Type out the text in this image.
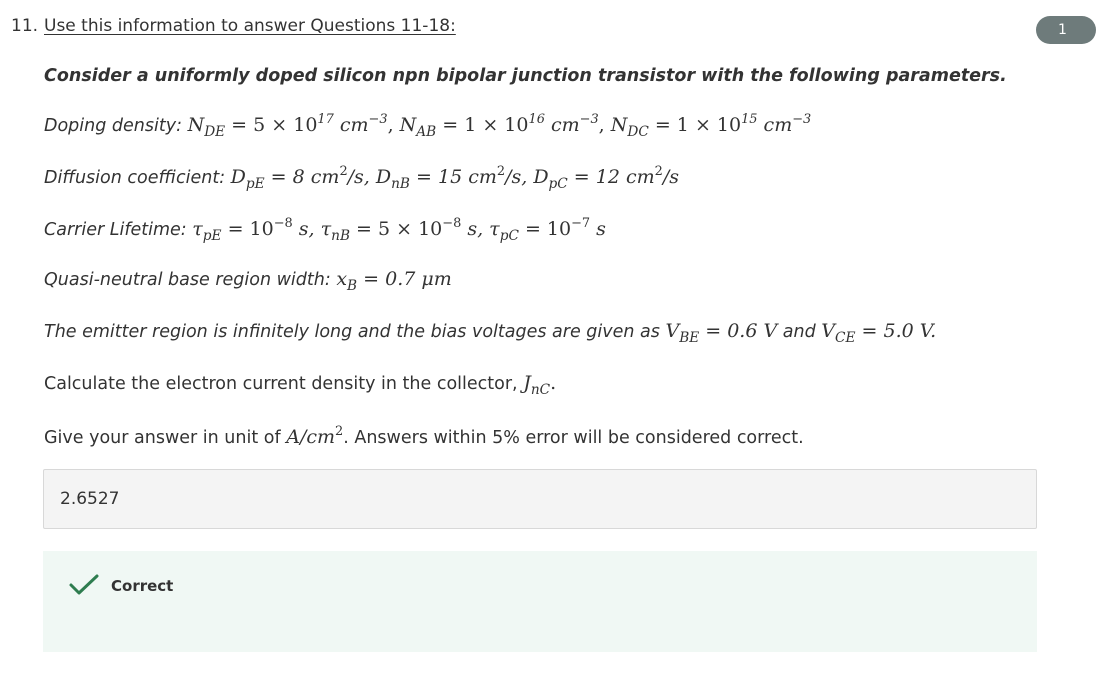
11. Use this information to answer Questions 11-18:	1
Consider a uniformly doped silicon npn bipolar junction transistor with the following parameters.
Doping density: $N_{DE} = 5 \times 10^{17}$ $cm^{-3}$, $N_{AB} = 1 \times 10^{16}$ $cm^{-3}$, $N_{DC} = 1 \times 10^{15}$ $cm^{-3}$
Diffusion coefficient: $D_{pE} = 8$ $cm^2/s$, $D_{nB} = 15$ $cm^2/s$, $D_{pC} = 12$ $cm^2/s$
Carrier Lifetime: $\tau_{pE} = 10^{-8}$ s, $\tau_{nB} = 5 \times 10^{-8}$ s, $\tau_{pC} = 10^{-7}$ s
Quasi-neutral base region width: $x_B = 0.7$ μm
The emitter region is infinitely long and the bias voltages are given as $V_{BE} = 0.6$ V and $V_{CE} = 5.0$ V.
Calculate the electron current density in the collector, $J_{nC}$.
Give your answer in unit of $A/cm^2$. Answers within 5% error will be considered correct.
2.6527
Correct
